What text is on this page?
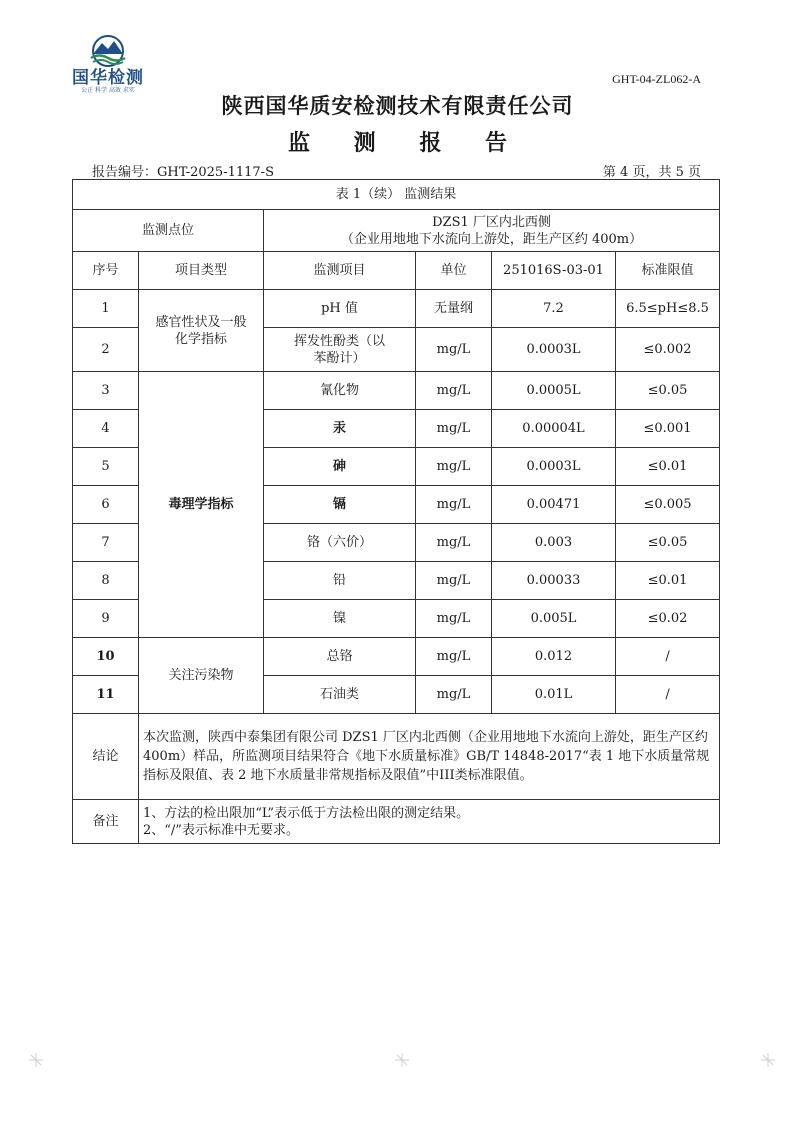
国华检测
公正 科学 高效 求实
GHT-04-ZL062-A
陕西国华质安检测技术有限责任公司
监 测 报 告
报告编号：GHT-2025-1117-S	第 4 页，共 5 页
表 1（续） 监测结果					
监测点位		DZS1 厂区内北西侧
（企业用地地下水流向上游处，距生产区约 400m）			

序号	项目类型	监测项目	单位	251016S-03-01	标准限值
1	感官性状及一般化学指标	pH 值	无量纲	7.2	6.5≤pH≤8.5
2		挥发性酚类（以苯酚计）	mg/L	0.0003L	≤0.002
3	毒理学指标	氰化物	mg/L	0.0005L	≤0.05
4		汞	mg/L	0.00004L	≤0.001
5		砷	mg/L	0.0003L	≤0.01
6		镉	mg/L	0.00471	≤0.005
7		铬（六价）	mg/L	0.003	≤0.05
8		铅	mg/L	0.00033	≤0.01
9		镍	mg/L	0.005L	≤0.02
10	关注污染物	总铬	mg/L	0.012	/
11		石油类	mg/L	0.01L	/
结论	本次监测，陕西中泰集团有限公司 DZS1 厂区内北西侧（企业用地地下水流向上游处，距生产区约 400m）样品，所监测项目结果符合《地下水质量标准》GB/T 14848-2017“表 1 地下水质量常规指标及限值、表 2 地下水质量非常规指标及限值”中III类标准限值。				
备注	1、方法的检出限加“L”表示低于方法检出限的测定结果。
2、“/”表示标准中无要求。				
